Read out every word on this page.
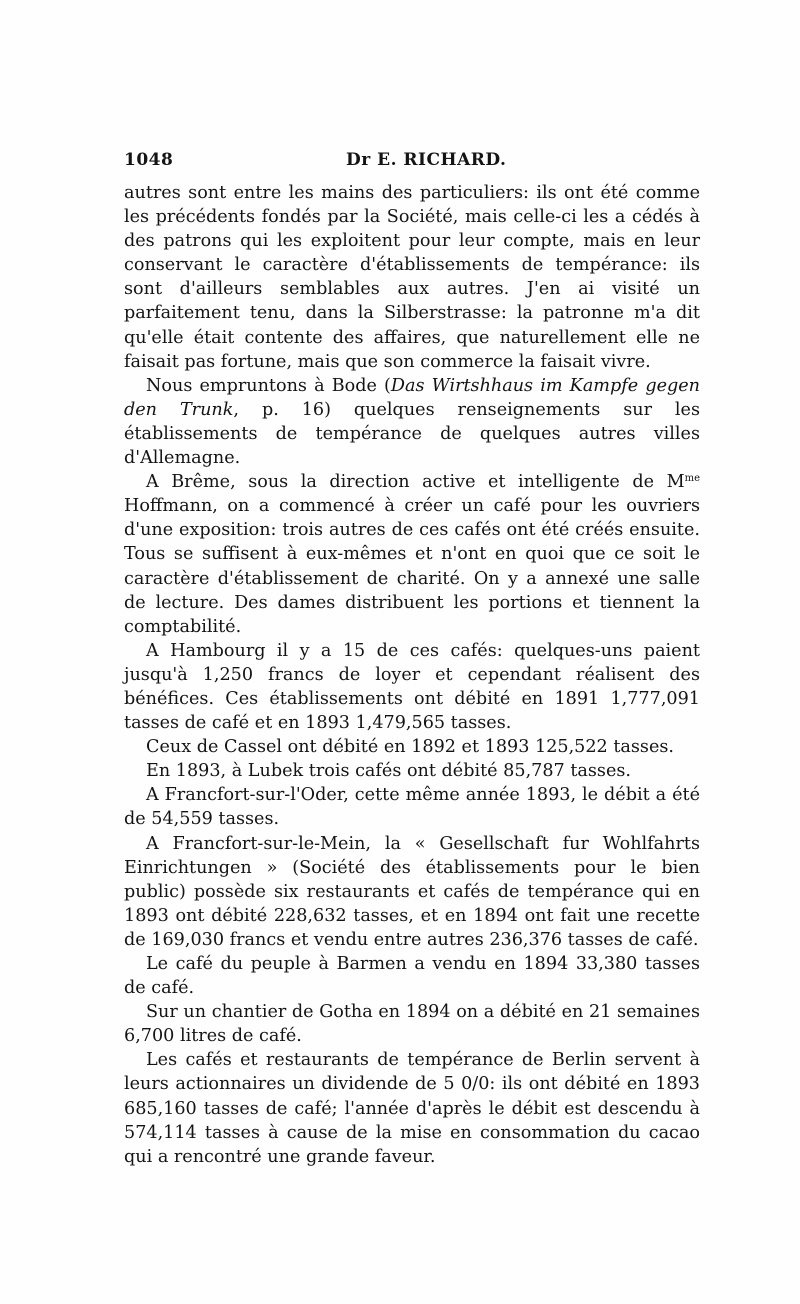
1048	Dr E. RICHARD.

autres sont entre les mains des particuliers: ils ont été comme les précédents fondés par la Société, mais celle-ci les a cédés à des patrons qui les exploitent pour leur compte, mais en leur conservant le caractère d'établissements de tempérance: ils sont d'ailleurs semblables aux autres. J'en ai visité un parfaitement tenu, dans la Silberstrasse: la patronne m'a dit qu'elle était contente des affaires, que naturellement elle ne faisait pas fortune, mais que son commerce la faisait vivre.

Nous empruntons à Bode (Das Wirtshhaus im Kampfe gegen den Trunk, p. 16) quelques renseignements sur les établissements de tempérance de quelques autres villes d'Allemagne.

A Brême, sous la direction active et intelligente de $M^{me}$ Hoffmann, on a commencé à créer un café pour les ouvriers d'une exposition: trois autres de ces cafés ont été créés ensuite. Tous se suffisent à eux-mêmes et n'ont en quoi que ce soit le caractère d'établissement de charité. On y a annexé une salle de lecture. Des dames distribuent les portions et tiennent la comptabilité.

A Hambourg il y a 15 de ces cafés: quelques-uns paient jusqu'à 1,250 francs de loyer et cependant réalisent des bénéfices. Ces établissements ont débité en 1891 1,777,091 tasses de café et en 1893 1,479,565 tasses.

Ceux de Cassel ont débité en 1892 et 1893 125,522 tasses.

En 1893, à Lubek trois cafés ont débité 85,787 tasses.

A Francfort-sur-l'Oder, cette même année 1893, le débit a été de 54,559 tasses.

A Francfort-sur-le-Mein, la « Gesellschaft fur Wohlfahrts Einrichtungen » (Société des établissements pour le bien public) possède six restaurants et cafés de tempérance qui en 1893 ont débité 228,632 tasses, et en 1894 ont fait une recette de 169,030 francs et vendu entre autres 236,376 tasses de café.

Le café du peuple à Barmen a vendu en 1894 33,380 tasses de café.

Sur un chantier de Gotha en 1894 on a débité en 21 semaines 6,700 litres de café.

Les cafés et restaurants de tempérance de Berlin servent à leurs actionnaires un dividende de 5 0/0: ils ont débité en 1893 685,160 tasses de café; l'année d'après le débit est descendu à 574,114 tasses à cause de la mise en consommation du cacao qui a rencontré une grande faveur.
